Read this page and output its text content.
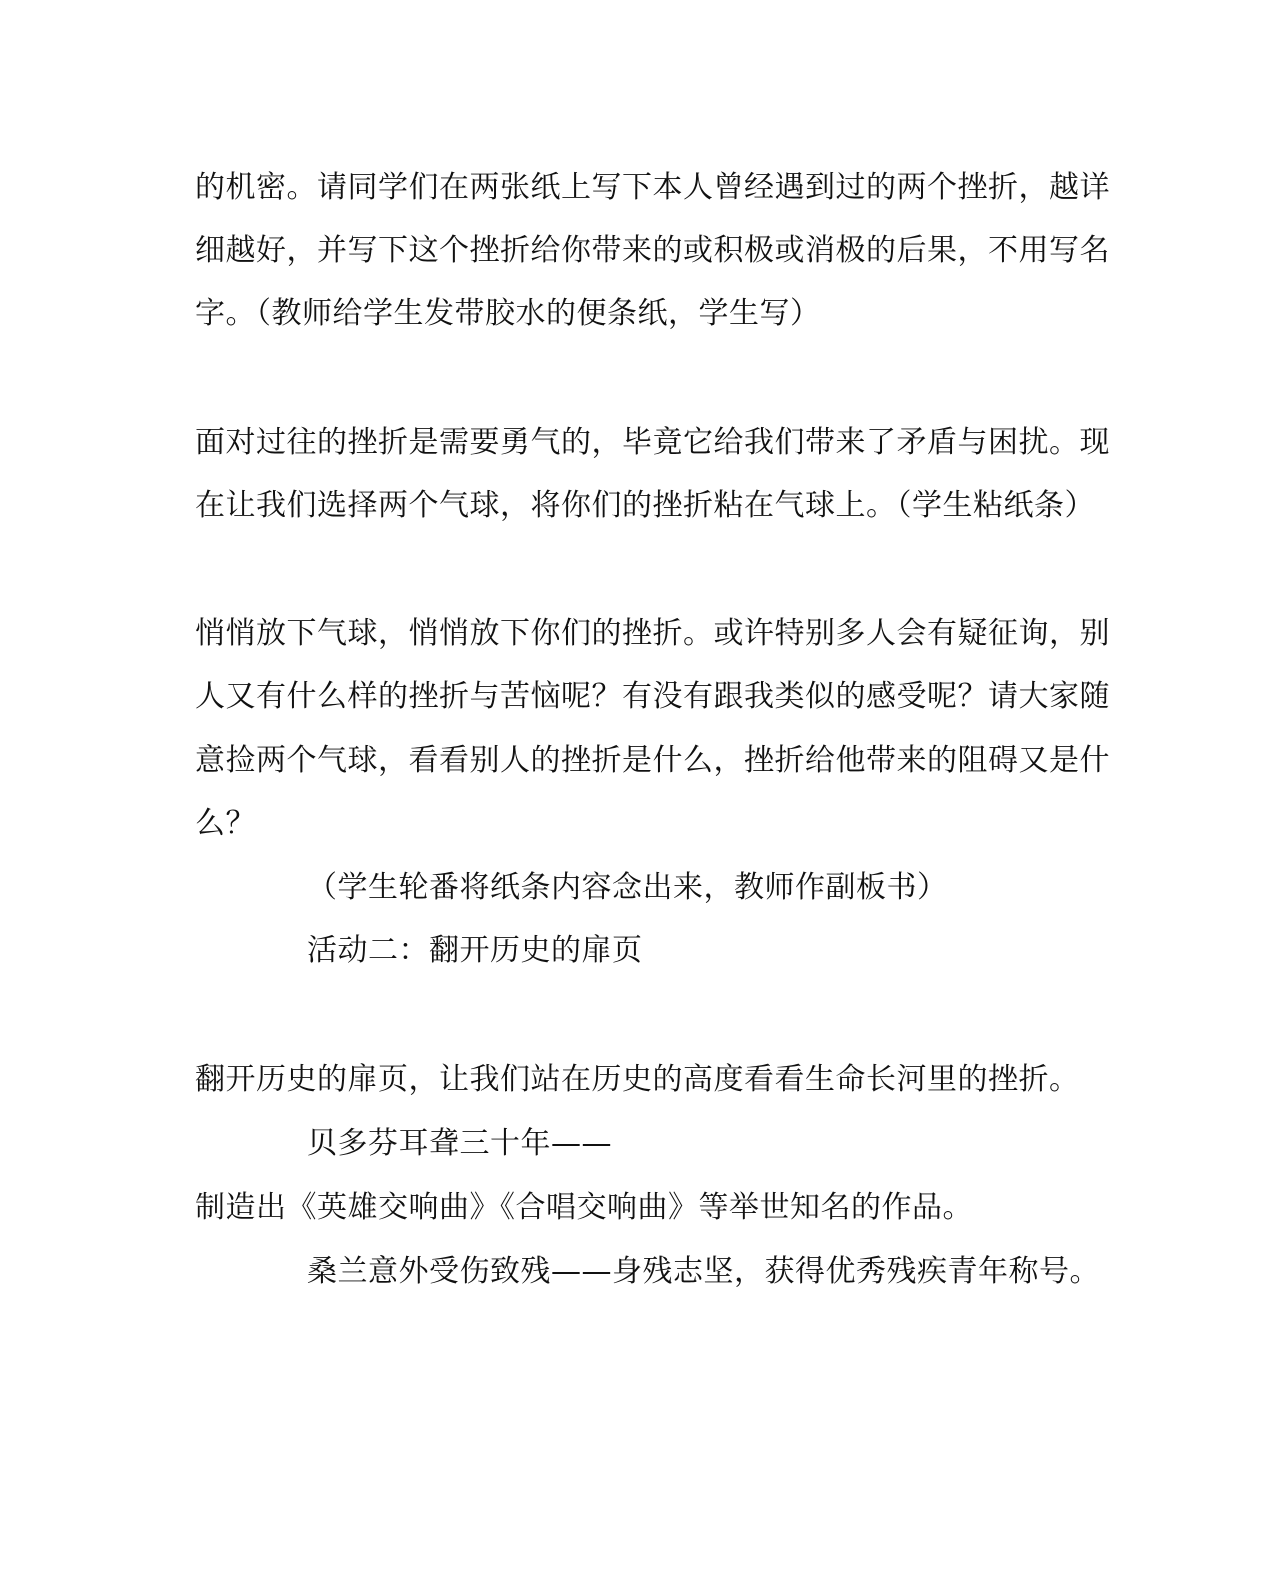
的机密。请同学们在两张纸上写下本人曾经遇到过的两个挫折，越详
细越好，并写下这个挫折给你带来的或积极或消极的后果，不用写名
字。（教师给学生发带胶水的便条纸，学生写）
面对过往的挫折是需要勇气的，毕竟它给我们带来了矛盾与困扰。现
在让我们选择两个气球，将你们的挫折粘在气球上。（学生粘纸条）
悄悄放下气球，悄悄放下你们的挫折。或许特别多人会有疑征询，别
人又有什么样的挫折与苦恼呢？有没有跟我类似的感受呢？请大家随
意捡两个气球，看看别人的挫折是什么，挫折给他带来的阻碍又是什
么？
（学生轮番将纸条内容念出来，教师作副板书）
活动二：翻开历史的扉页
翻开历史的扉页，让我们站在历史的高度看看生命长河里的挫折。
贝多芬耳聋三十年——
制造出《英雄交响曲》《合唱交响曲》等举世知名的作品。
桑兰意外受伤致残——身残志坚，获得优秀残疾青年称号。
